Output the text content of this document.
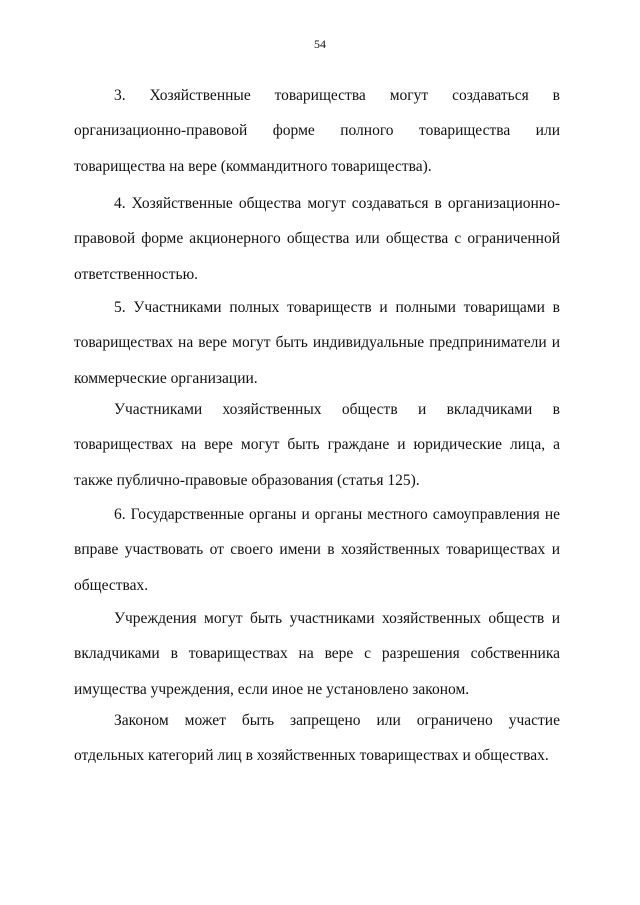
54

3. Хозяйственные товарищества могут создаваться в организационно-правовой форме полного товарищества или товарищества на вере (коммандитного товарищества).

4. Хозяйственные общества могут создаваться в организационно-правовой форме акционерного общества или общества с ограниченной ответственностью.

5. Участниками полных товариществ и полными товарищами в товариществах на вере могут быть индивидуальные предприниматели и коммерческие организации.

Участниками хозяйственных обществ и вкладчиками в товариществах на вере могут быть граждане и юридические лица, а также публично-правовые образования (статья 125).

6. Государственные органы и органы местного самоуправления не вправе участвовать от своего имени в хозяйственных товариществах и обществах.

Учреждения могут быть участниками хозяйственных обществ и вкладчиками в товариществах на вере с разрешения собственника имущества учреждения, если иное не установлено законом.

Законом может быть запрещено или ограничено участие отдельных категорий лиц в хозяйственных товариществах и обществах.
